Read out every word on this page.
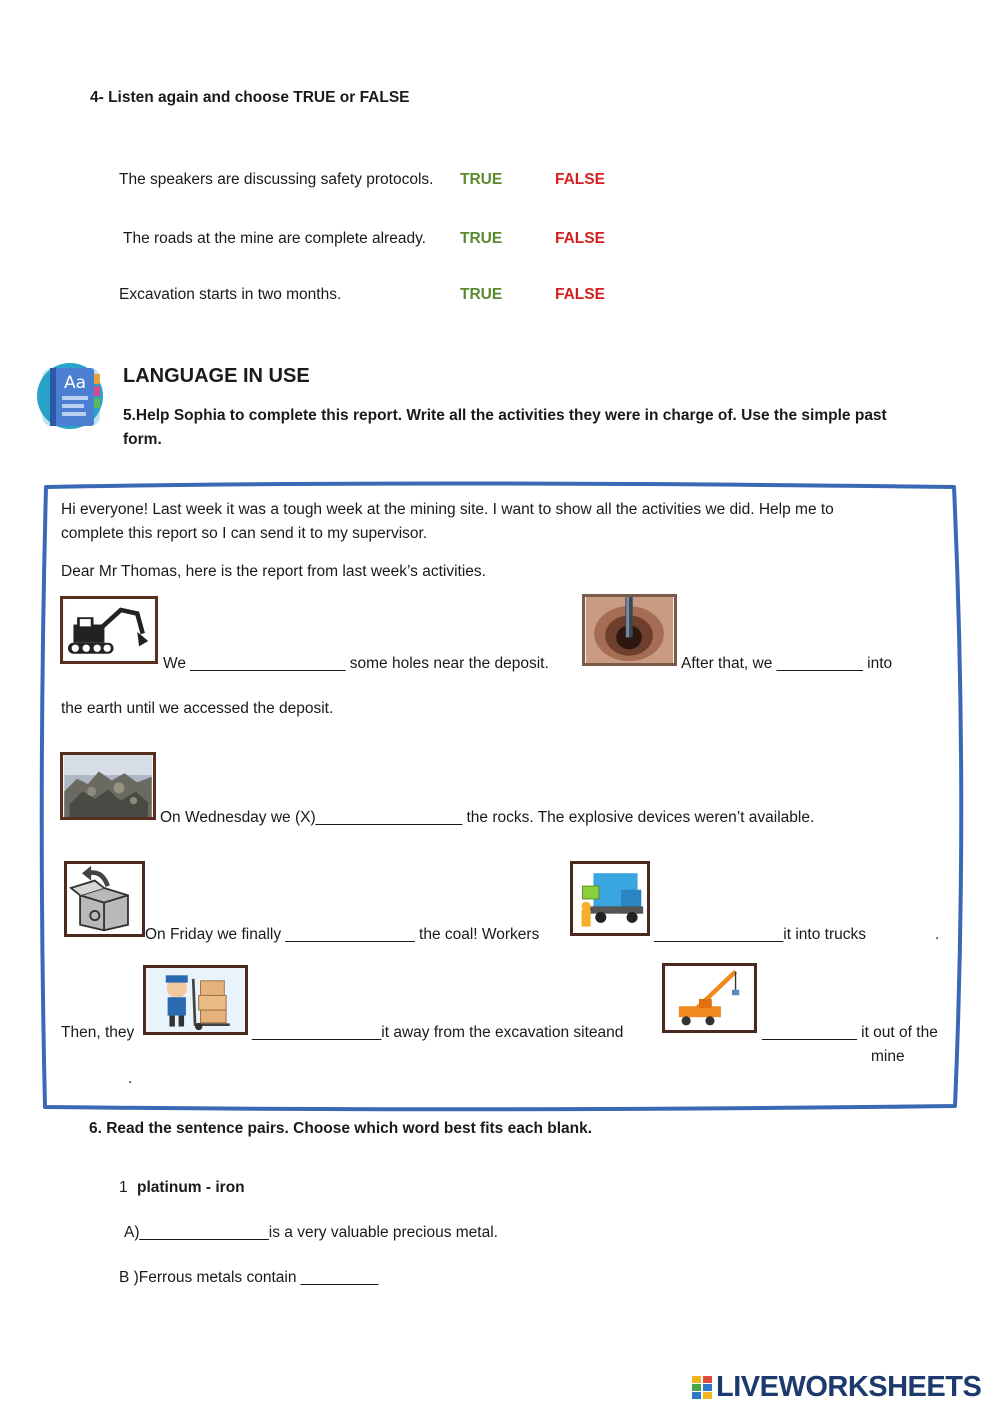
4- Listen again and choose TRUE or FALSE
The speakers are discussing safety protocols. TRUE	FALSE
The roads at the mine are complete already. TRUE	FALSE
Excavation starts in two months.	TRUE	FALSE
Aa LANGUAGE IN USE
5.Help Sophia to complete this report. Write all the activities they were in charge of. Use the simple past
form.
Hi everyone! Last week it was a tough week at the mining site. I want to show all the activities we did. Help me to
complete this report so I can send it to my supervisor.
Dear Mr Thomas, here is the report from last week’s activities.
We __________________ some holes near the deposit.	After that, we __________ into
the earth until we accessed the deposit.
On Wednesday we (X)_________________ the rocks. The explosive devices weren’t available.
On Friday we finally _______________ the coal! Workers	_______________it into trucks	.
Then, they	_______________it away from the excavation siteand	___________ it out of the
mine
.
6. Read the sentence pairs. Choose which word best fits each blank.
1 platinum - iron
A)_______________is a very valuable precious metal.
B )Ferrous metals contain _________
LIVEWORKSHEETS
